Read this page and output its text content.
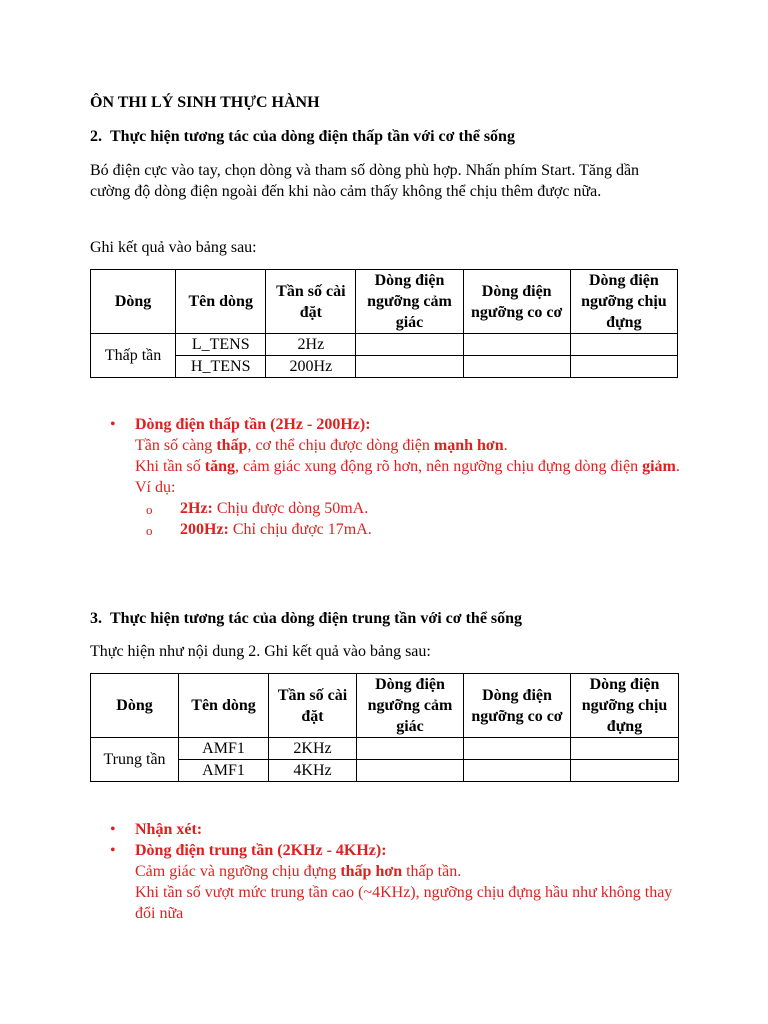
ÔN THI LÝ SINH THỰC HÀNH
2. Thực hiện tương tác của dòng điện thấp tần với cơ thể sống
Bó điện cực vào tay, chọn dòng và tham số dòng phù hợp. Nhấn phím Start. Tăng dần cường độ dòng điện ngoài đến khi nào cảm thấy không thể chịu thêm được nữa.
Ghi kết quả vào bảng sau:
Dòng	Tên dòng	Tần số cài đặt	Dòng điện ngưỡng cảm giác	Dòng điện ngưỡng co cơ	Dòng điện ngưỡng chịu đựng
Thấp tần	L_TENS	2Hz			
	H_TENS	200Hz			
• Dòng điện thấp tần (2Hz - 200Hz):
Tần số càng thấp, cơ thể chịu được dòng điện mạnh hơn.
Khi tần số tăng, cảm giác xung động rõ hơn, nên ngưỡng chịu đựng dòng điện giảm.
Ví dụ:
o 2Hz: Chịu được dòng 50mA.
o 200Hz: Chỉ chịu được 17mA.
3. Thực hiện tương tác của dòng điện trung tần với cơ thể sống
Thực hiện như nội dung 2. Ghi kết quả vào bảng sau:
Dòng	Tên dòng	Tần số cài đặt	Dòng điện ngưỡng cảm giác	Dòng điện ngưỡng co cơ	Dòng điện ngưỡng chịu đựng
Trung tần	AMF1	2KHz			
	AMF1	4KHz			
• Nhận xét:
• Dòng điện trung tần (2KHz - 4KHz):
Cảm giác và ngưỡng chịu đựng thấp hơn thấp tần.
Khi tần số vượt mức trung tần cao (~4KHz), ngưỡng chịu đựng hầu như không thay đổi nữa
